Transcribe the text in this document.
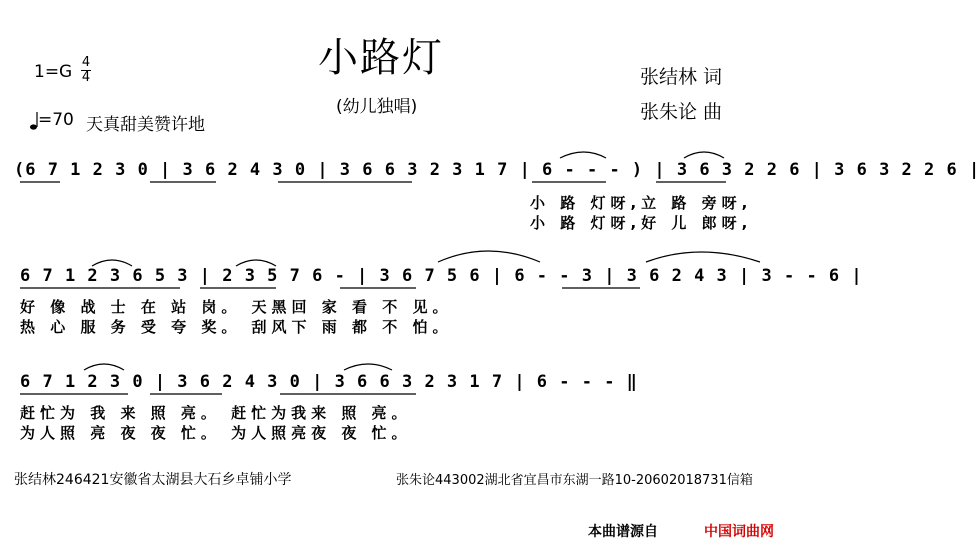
小路灯
(幼儿独唱)
1=G 4
4
=70 天真甜美赞许地
张结林 词
张朱论 曲
(6 7 1 2 3 0 | 3 6 2 4 3 0 | 3 6 6 3 2 3 1 7 | 6 - - - ) | 3 6 3 2 2 6 | 3 6 3 2 2 6 |
小 路 灯呀,立 路 旁呀,
小 路 灯呀,好 儿 郎呀,
6 7 1 2 3 6 5 3 | 2 3 5 7 6 - | 3 6 7 5 6 | 6 - - 3 | 3 6 2 4 3 | 3 - - 6 |
好 像 战 士 在 站 岗。 天黑回 家 看 不 见。
热 心 服 务 受 夸 奖。 刮风下 雨 都 不 怕。
6 7 1 2 3 0 | 3 6 2 4 3 0 | 3 6 6 3 2 3 1 7 | 6 - - - ‖
赶忙为 我 来 照 亮。 赶忙为我来 照 亮。
为人照 亮 夜 夜 忙。 为人照亮夜 夜 忙。
张结林246421安徽省太湖县大石乡卓铺小学	张朱论443002湖北省宜昌市东湖一路10-20602018731信箱
本曲谱源自	中国词曲网
